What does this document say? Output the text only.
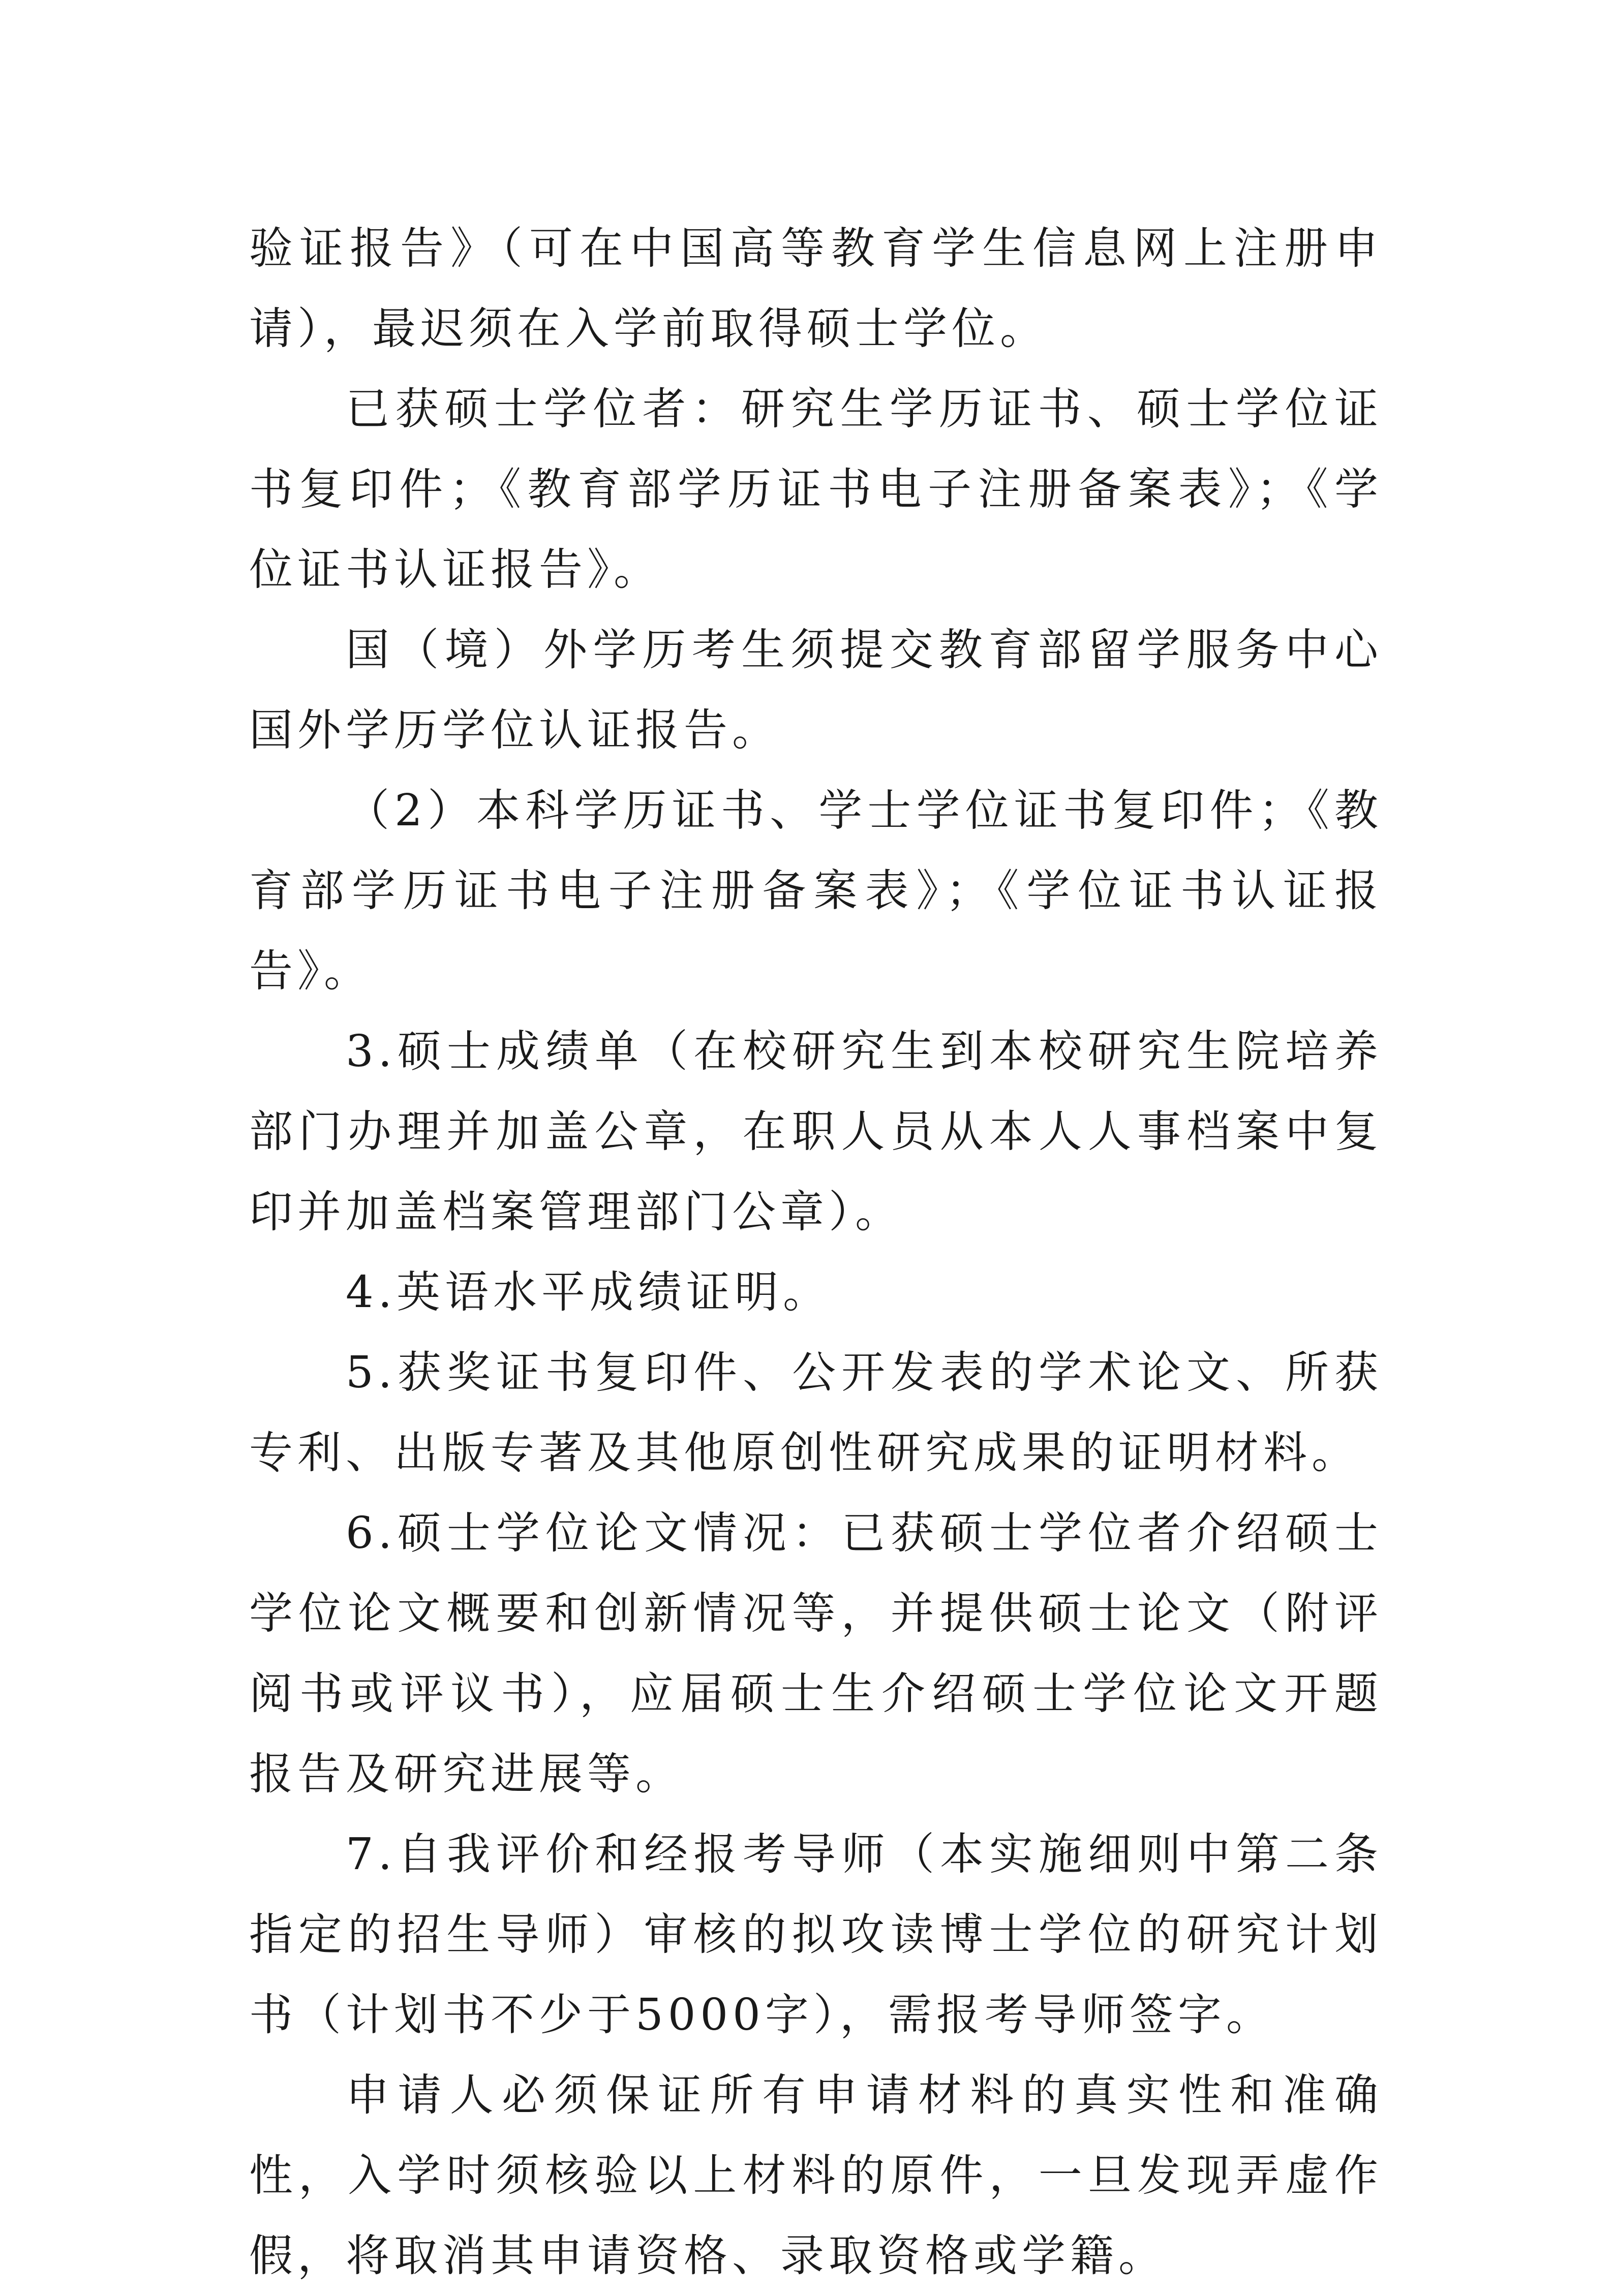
验证报告》（可在中国高等教育学生信息网上注册申请），最迟须在入学前取得硕士学位。

已获硕士学位者：研究生学历证书、硕士学位证书复印件；《教育部学历证书电子注册备案表》；《学位证书认证报告》。

国（境）外学历考生须提交教育部留学服务中心国外学历学位认证报告。

（2）本科学历证书、学士学位证书复印件；《教育部学历证书电子注册备案表》；《学位证书认证报告》。

3.硕士成绩单（在校研究生到本校研究生院培养部门办理并加盖公章，在职人员从本人人事档案中复印并加盖档案管理部门公章）。

4.英语水平成绩证明。

5.获奖证书复印件、公开发表的学术论文、所获专利、出版专著及其他原创性研究成果的证明材料。

6.硕士学位论文情况：已获硕士学位者介绍硕士学位论文概要和创新情况等，并提供硕士论文（附评阅书或评议书），应届硕士生介绍硕士学位论文开题报告及研究进展等。

7.自我评价和经报考导师（本实施细则中第二条指定的招生导师）审核的拟攻读博士学位的研究计划书（计划书不少于5000字），需报考导师签字。

申请人必须保证所有申请材料的真实性和准确性，入学时须核验以上材料的原件，一旦发现弄虚作假，将取消其申请资格、录取资格或学籍。
